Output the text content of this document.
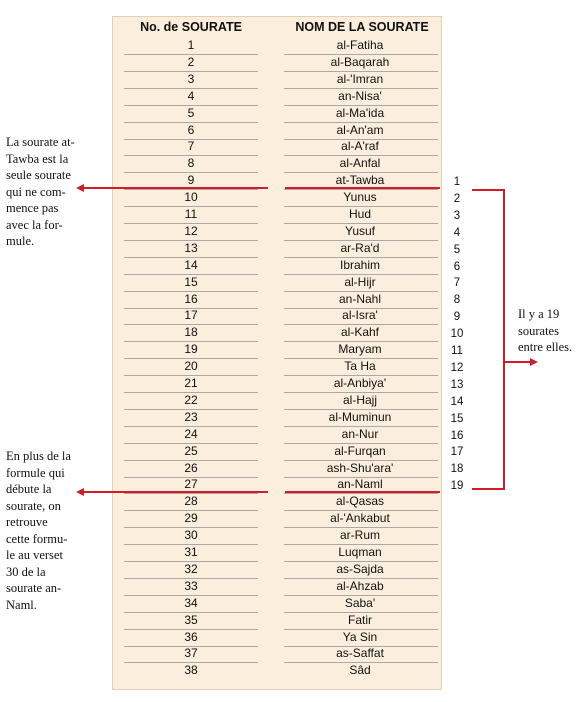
No. de SOURATE	NOM DE LA SOURATE
1	al-Fatiha
2	al-Baqarah
3	al-'Imran
4	an-Nisa'
5	al-Ma'ida
6	al-An'am
7	al-A'raf
8	al-Anfal
9	at-Tawba
10	Yunus
11	Hud
12	Yusuf
13	ar-Ra'd
14	Ibrahim
15	al-Hijr
16	an-Nahl
17	al-Isra'
18	al-Kahf
19	Maryam
20	Ta Ha
21	al-Anbiya'
22	al-Hajj
23	al-Muminun
24	an-Nur
25	al-Furqan
26	ash-Shu'ara'
27	an-Naml
28	al-Qasas
29	al-'Ankabut
30	ar-Rum
31	Luqman
32	as-Sajda
33	al-Ahzab
34	Saba'
35	Fatir
36	Ya Sin
37	as-Saffat
38	Sâd
1
2
3
4
5
6
7
8
9
10
11
12
13
14
15
16
17
18
19
La sourate at-
Tawba est la
seule sourate
qui ne com-
mence pas
avec la for-
mule.
Il y a 19
sourates
entre elles.
En plus de la
formule qui
débute la
sourate, on
retrouve
cette formu-
le au verset
30 de la
sourate an-
Naml.
